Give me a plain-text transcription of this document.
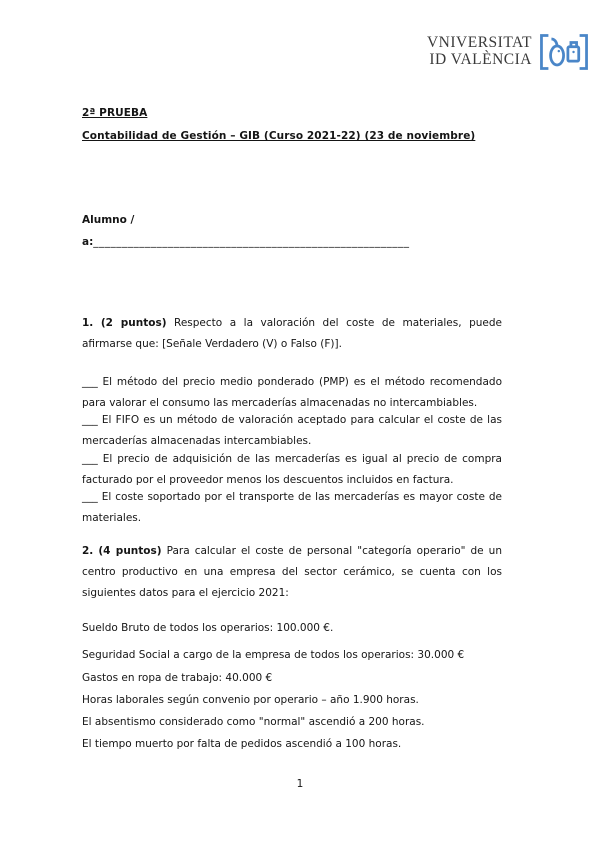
VNIVERSITAT
ID VALÈNCIA
2ª PRUEBA
Contabilidad de Gestión – GIB (Curso 2021-22) (23 de noviembre)
Alumno /
a:_______________________________________________________
1. (2 puntos) Respecto a la valoración del coste de materiales, puede afirmarse que: [Señale Verdadero (V) o Falso (F)].
___ El método del precio medio ponderado (PMP) es el método recomendado para valorar el consumo las mercaderías almacenadas no intercambiables.
___ El FIFO es un método de valoración aceptado para calcular el coste de las mercaderías almacenadas intercambiables.
___ El precio de adquisición de las mercaderías es igual al precio de compra facturado por el proveedor menos los descuentos incluidos en factura.
___ El coste soportado por el transporte de las mercaderías es mayor coste de materiales.
2. (4 puntos) Para calcular el coste de personal "categoría operario" de un centro productivo en una empresa del sector cerámico, se cuenta con los siguientes datos para el ejercicio 2021:
Sueldo Bruto de todos los operarios: 100.000 €.
Seguridad Social a cargo de la empresa de todos los operarios: 30.000 €
Gastos en ropa de trabajo: 40.000 €
Horas laborales según convenio por operario – año 1.900 horas.
El absentismo considerado como "normal" ascendió a 200 horas.
El tiempo muerto por falta de pedidos ascendió a 100 horas.
1
